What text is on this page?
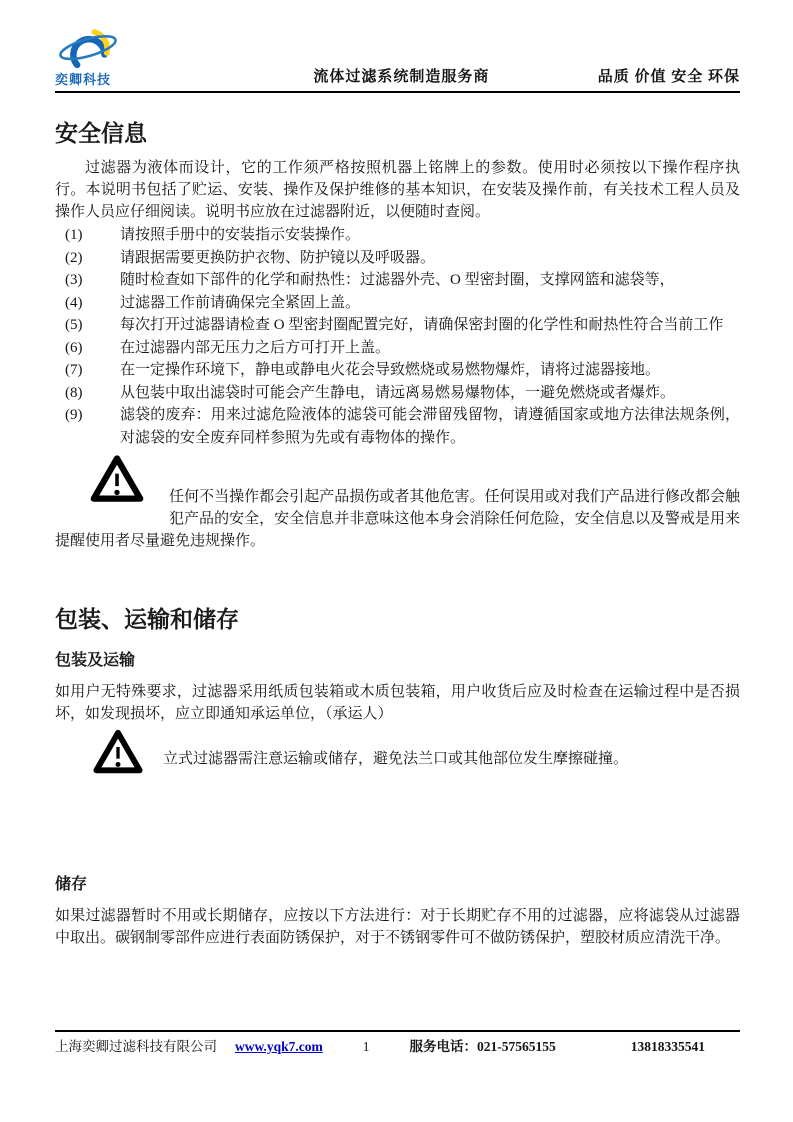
奕卿科技	流体过滤系统制造服务商	品质 价值 安全 环保
安全信息

过滤器为液体而设计，它的工作须严格按照机器上铭牌上的参数。使用时必须按以下操作程序执行。本说明书包括了贮运、安装、操作及保护维修的基本知识，在安装及操作前，有关技术工程人员及操作人员应仔细阅读。说明书应放在过滤器附近，以便随时查阅。

(1)	请按照手册中的安装指示安装操作。
(2)	请跟据需要更换防护衣物、防护镜以及呼吸器。
(3)	随时检查如下部件的化学和耐热性：过滤器外壳、O 型密封圈，支撑网篮和滤袋等，
(4)	过滤器工作前请确保完全紧固上盖。
(5)	每次打开过滤器请检查 O 型密封圈配置完好，请确保密封圈的化学性和耐热性符合当前工作
(6)	在过滤器内部无压力之后方可打开上盖。
(7)	在一定操作环境下，静电或静电火花会导致燃烧或易燃物爆炸，请将过滤器接地。
(8)	从包装中取出滤袋时可能会产生静电，请远离易燃易爆物体，一避免燃烧或者爆炸。
(9)	滤袋的废弃：用来过滤危险液体的滤袋可能会滞留残留物，请遵循国家或地方法律法规条例，对滤袋的安全废弃同样参照为先或有毒物体的操作。

任何不当操作都会引起产品损伤或者其他危害。任何误用或对我们产品进行修改都会触犯产品的安全，安全信息并非意味这他本身会消除任何危险，安全信息以及警戒是用来提醒使用者尽量避免违规操作。

包装、运输和储存
包装及运输

如用户无特殊要求，过滤器采用纸质包装箱或木质包装箱，用户收货后应及时检查在运输过程中是否损坏，如发现损坏，应立即通知承运单位，（承运人）

立式过滤器需注意运输或储存，避免法兰口或其他部位发生摩擦碰撞。

储存

如果过滤器暂时不用或长期储存，应按以下方法进行：对于长期贮存不用的过滤器，应将滤袋从过滤器中取出。碳钢制零部件应进行表面防锈保护，对于不锈钢零件可不做防锈保护，塑胶材质应清洗干净。

上海奕卿过滤科技有限公司 www.yqk7.com	1	服务电话：021-57565155	13818335541
